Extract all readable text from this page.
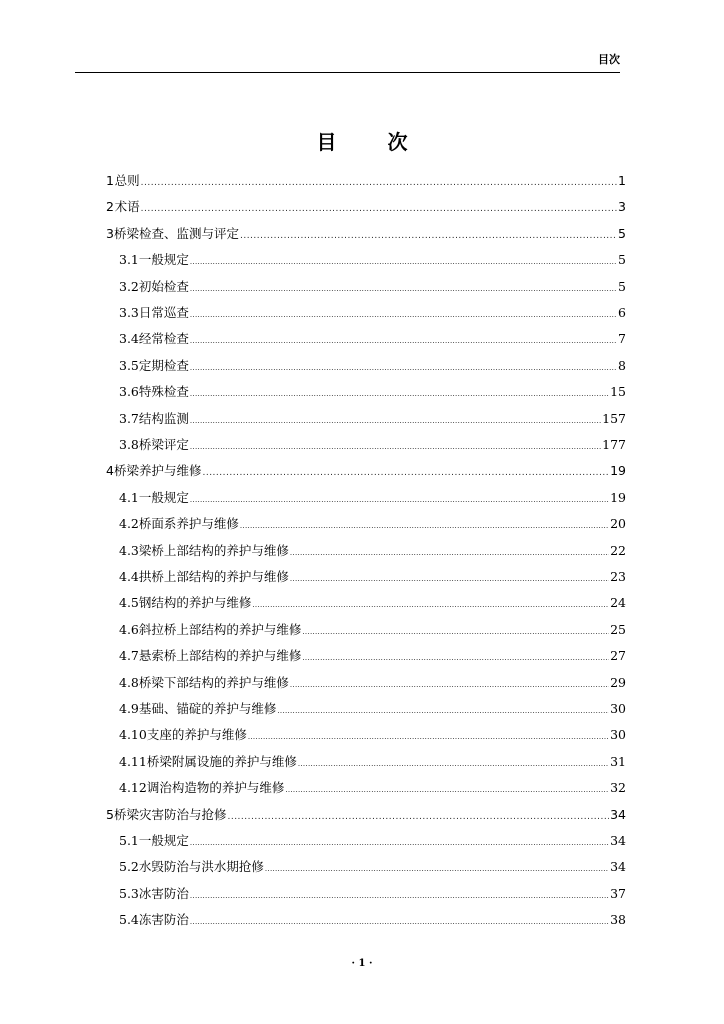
目次
目 次
1 总则 .....	1
2 术语 .....	3
3 桥梁检查、监测与评定 .....	5
3.1 一般规定 .....	5
3.2 初始检查 .....	5
3.3 日常巡查 .....	6
3.4 经常检查 .....	7
3.5 定期检查 .....	8
3.6 特殊检查 .....	15
3.7 结构监测 .....	157
3.8 桥梁评定 .....	177
4 桥梁养护与维修 .....	19
4.1 一般规定 .....	19
4.2 桥面系养护与维修 .....	20
4.3 梁桥上部结构的养护与维修 .....	22
4.4 拱桥上部结构的养护与维修 .....	23
4.5 钢结构的养护与维修 .....	24
4.6 斜拉桥上部结构的养护与维修 .....	25
4.7 悬索桥上部结构的养护与维修 .....	27
4.8 桥梁下部结构的养护与维修 .....	29
4.9 基础、锚碇的养护与维修 .....	30
4.10 支座的养护与维修 .....	30
4.11 桥梁附属设施的养护与维修 .....	31
4.12 调治构造物的养护与维修 .....	32
5 桥梁灾害防治与抢修 .....	34
5.1 一般规定 .....	34
5.2 水毁防治与洪水期抢修 .....	34
5.3 冰害防治 .....	37
5.4 冻害防治 .....	38
· 1 ·
